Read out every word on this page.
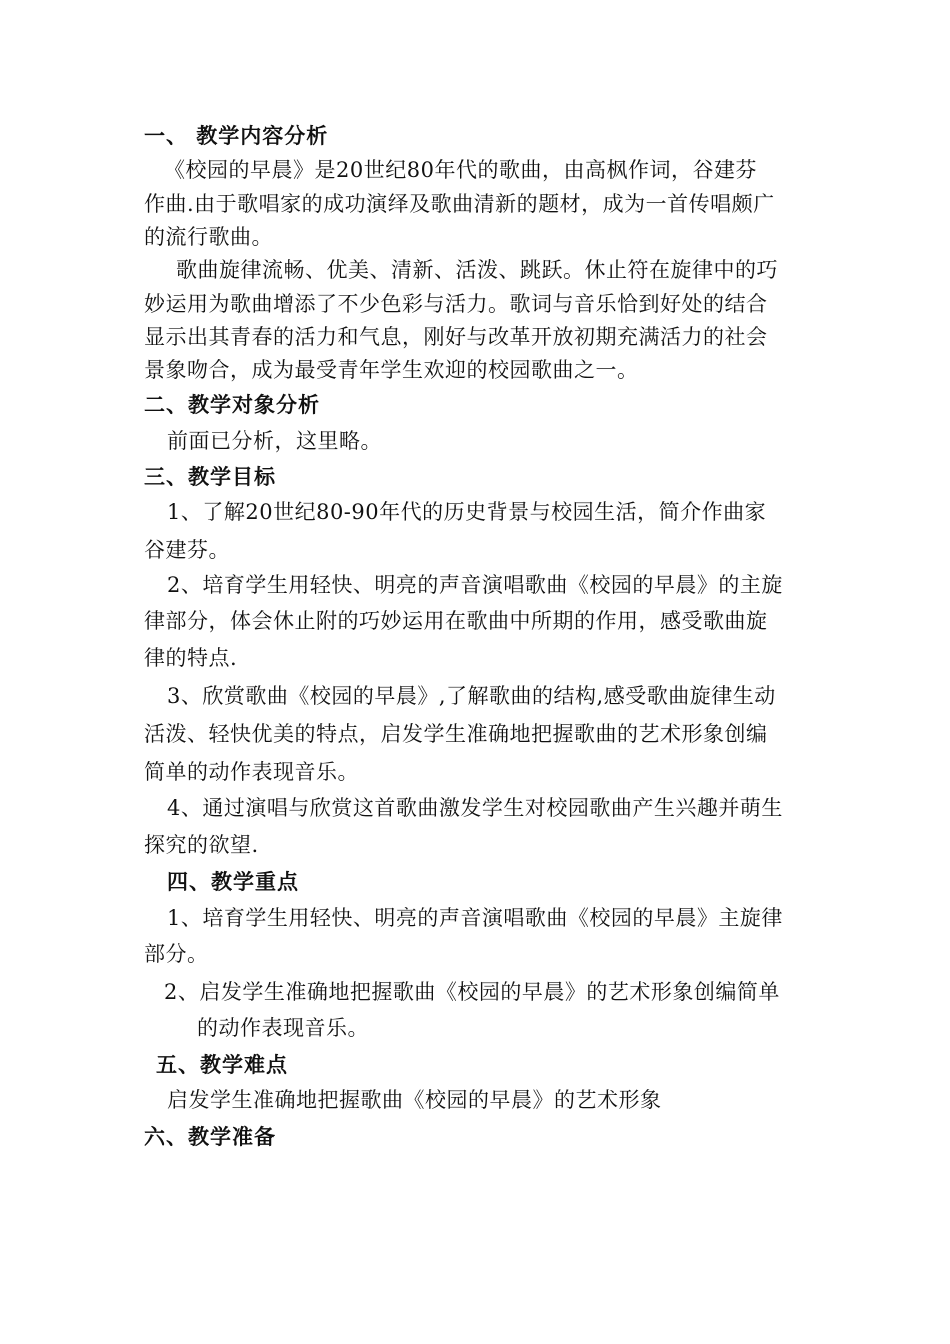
一、 教学内容分析
《校园的早晨》是20世纪80年代的歌曲，由高枫作词，谷建芬
作曲.由于歌唱家的成功演绎及歌曲清新的题材，成为一首传唱颇广
的流行歌曲。
歌曲旋律流畅、优美、清新、活泼、跳跃。休止符在旋律中的巧
妙运用为歌曲增添了不少色彩与活力。歌词与音乐恰到好处的结合
显示出其青春的活力和气息，刚好与改革开放初期充满活力的社会
景象吻合，成为最受青年学生欢迎的校园歌曲之一。
二、教学对象分析
前面已分析，这里略。
三、教学目标
1、了解20世纪80-90年代的历史背景与校园生活，简介作曲家
谷建芬。
2、培育学生用轻快、明亮的声音演唱歌曲《校园的早晨》的主旋
律部分，体会休止附的巧妙运用在歌曲中所期的作用，感受歌曲旋
律的特点.
3、欣赏歌曲《校园的早晨》,了解歌曲的结构,感受歌曲旋律生动
活泼、轻快优美的特点，启发学生准确地把握歌曲的艺术形象创编
简单的动作表现音乐。
4、通过演唱与欣赏这首歌曲激发学生对校园歌曲产生兴趣并萌生
探究的欲望.
四、教学重点
1、培育学生用轻快、明亮的声音演唱歌曲《校园的早晨》主旋律
部分。
2、启发学生准确地把握歌曲《校园的早晨》的艺术形象创编简单
的动作表现音乐。
五、教学难点
启发学生准确地把握歌曲《校园的早晨》的艺术形象
六、教学准备
